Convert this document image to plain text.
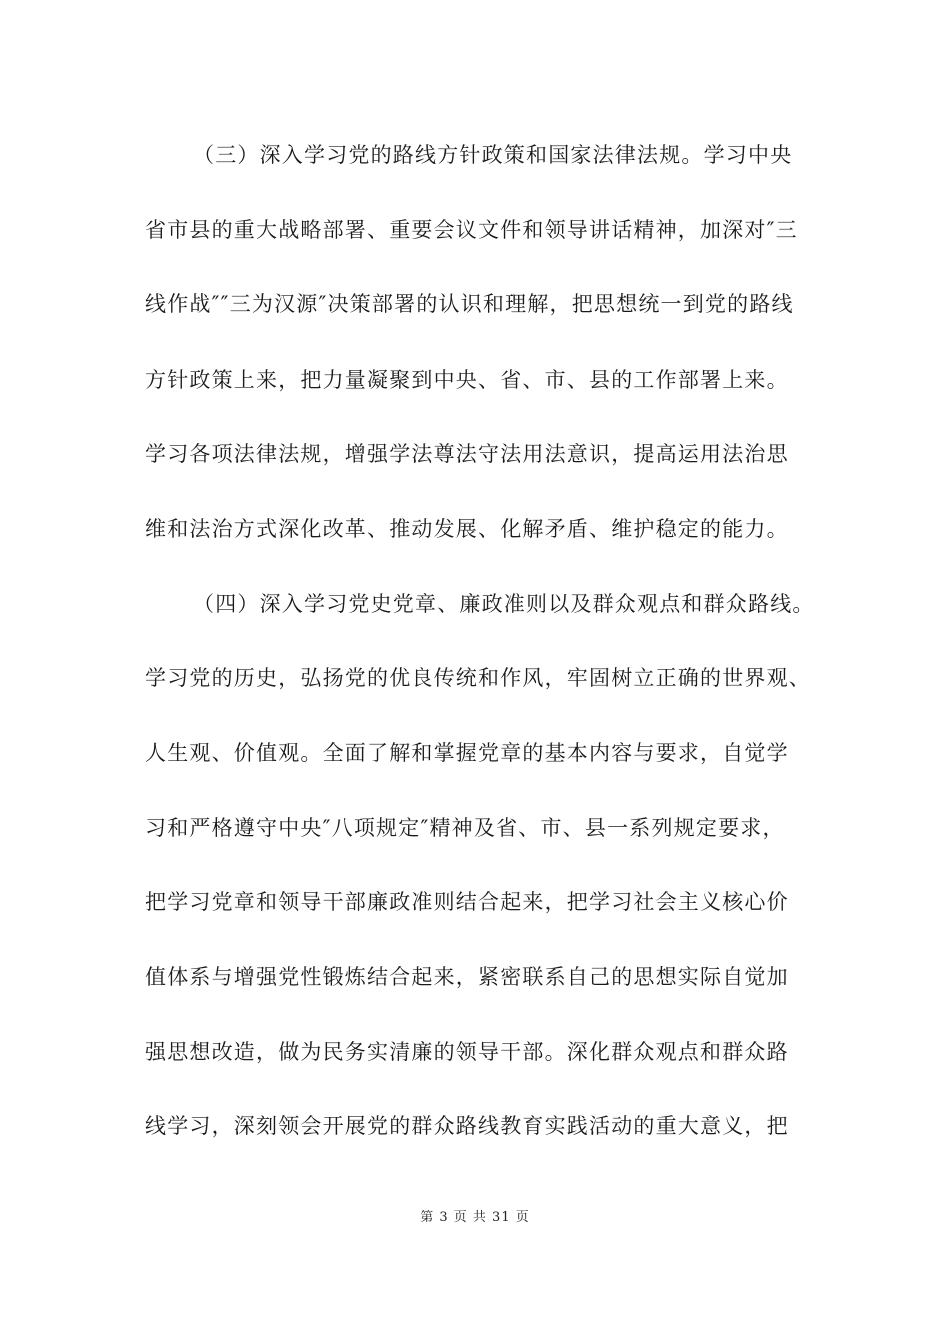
（三）深入学习党的路线方针政策和国家法律法规。学习中央
省市县的重大战略部署、重要会议文件和领导讲话精神，加深对″三
线作战″″三为汉源″决策部署的认识和理解，把思想统一到党的路线
方针政策上来，把力量凝聚到中央、省、市、县的工作部署上来。
学习各项法律法规，增强学法尊法守法用法意识，提高运用法治思
维和法治方式深化改革、推动发展、化解矛盾、维护稳定的能力。
（四）深入学习党史党章、廉政准则以及群众观点和群众路线。
学习党的历史，弘扬党的优良传统和作风，牢固树立正确的世界观、
人生观、价值观。全面了解和掌握党章的基本内容与要求，自觉学
习和严格遵守中央″八项规定″精神及省、市、县一系列规定要求，
把学习党章和领导干部廉政准则结合起来，把学习社会主义核心价
值体系与增强党性锻炼结合起来，紧密联系自己的思想实际自觉加
强思想改造，做为民务实清廉的领导干部。深化群众观点和群众路
线学习，深刻领会开展党的群众路线教育实践活动的重大意义，把
第 3 页 共 31 页
